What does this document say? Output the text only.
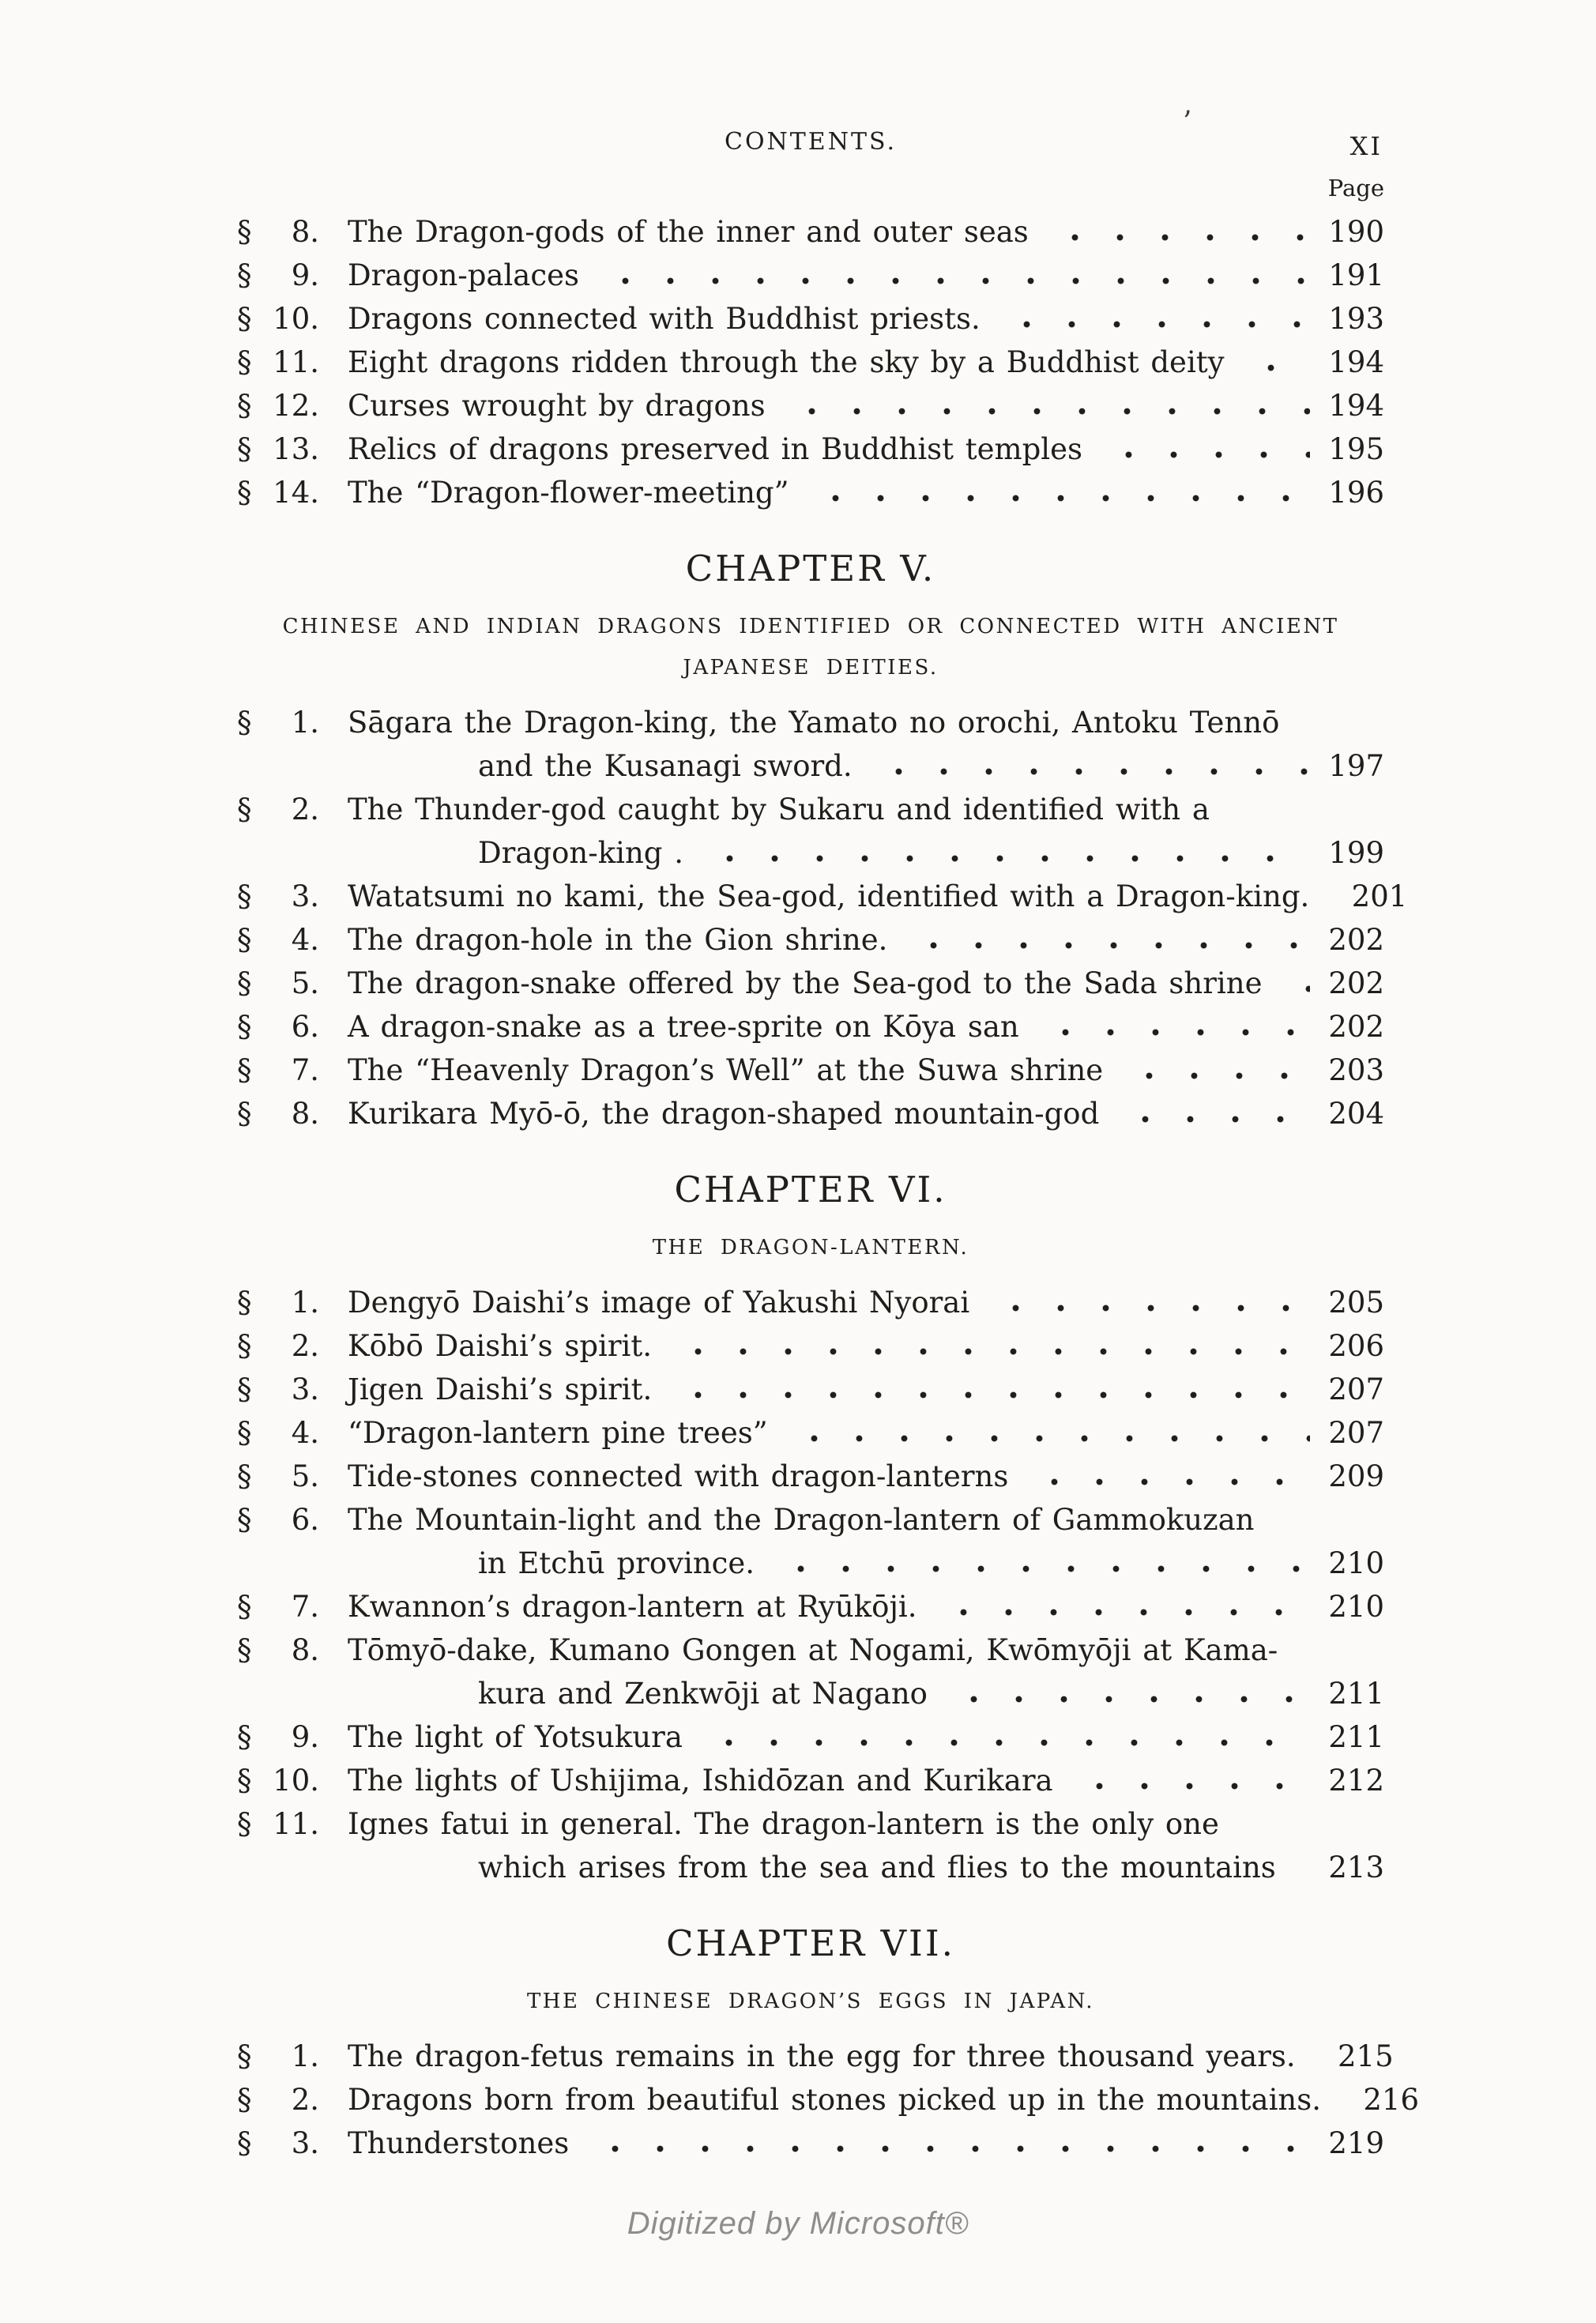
’
CONTENTS.	XI
Page
§	8. The Dragon-gods of the inner and outer seas	190
§	9. Dragon-palaces	191
§ 10. Dragons connected with Buddhist priests.	193
§ 11. Eight dragons ridden through the sky by a Buddhist deity	194
§ 12. Curses wrought by dragons	194
§ 13. Relics of dragons preserved in Buddhist temples	195
§ 14. The “Dragon-flower-meeting”	196
CHAPTER V.
CHINESE AND INDIAN DRAGONS IDENTIFIED OR CONNECTED WITH ANCIENT
JAPANESE DEITIES.
§	1. Sāgara the Dragon-king, the Yamato no orochi, Antoku Tennō
and the Kusanagi sword.	197
§	2. The Thunder-god caught by Sukaru and identified with a
Dragon-king .	199
§	3. Watatsumi no kami, the Sea-god, identified with a Dragon-king. 201
§	4. The dragon-hole in the Gion shrine.	202
§	5. The dragon-snake offered by the Sea-god to the Sada shrine 202
§	6. A dragon-snake as a tree-sprite on Kōya san	202
§	7. The “Heavenly Dragon’s Well” at the Suwa shrine	203
§	8. Kurikara Myō-ō, the dragon-shaped mountain-god	204
CHAPTER VI.
THE DRAGON-LANTERN.
§	1. Dengyō Daishi’s image of Yakushi Nyorai	205
§	2. Kōbō Daishi’s spirit.	206
§	3. Jigen Daishi’s spirit.	207
§	4. “Dragon-lantern pine trees”	207
§	5. Tide-stones connected with dragon-lanterns	209
§	6. The Mountain-light and the Dragon-lantern of Gammokuzan
in Etchū province.	210
§	7. Kwannon’s dragon-lantern at Ryūkōji.	210
§	8. Tōmyō-dake, Kumano Gongen at Nogami, Kwōmyōji at Kama-
kura and Zenkwōji at Nagano	211
§	9. The light of Yotsukura	211
§ 10. The lights of Ushijima, Ishidōzan and Kurikara	212
§ 11. Ignes fatui in general. The dragon-lantern is the only one
which arises from the sea and flies to the mountains 213
CHAPTER VII.
THE CHINESE DRAGON’S EGGS IN JAPAN.
§	1. The dragon-fetus remains in the egg for three thousand years. 215
§	2. Dragons born from beautiful stones picked up in the mountains. 216
§	3. Thunderstones	219
Digitized by Microsoft®
